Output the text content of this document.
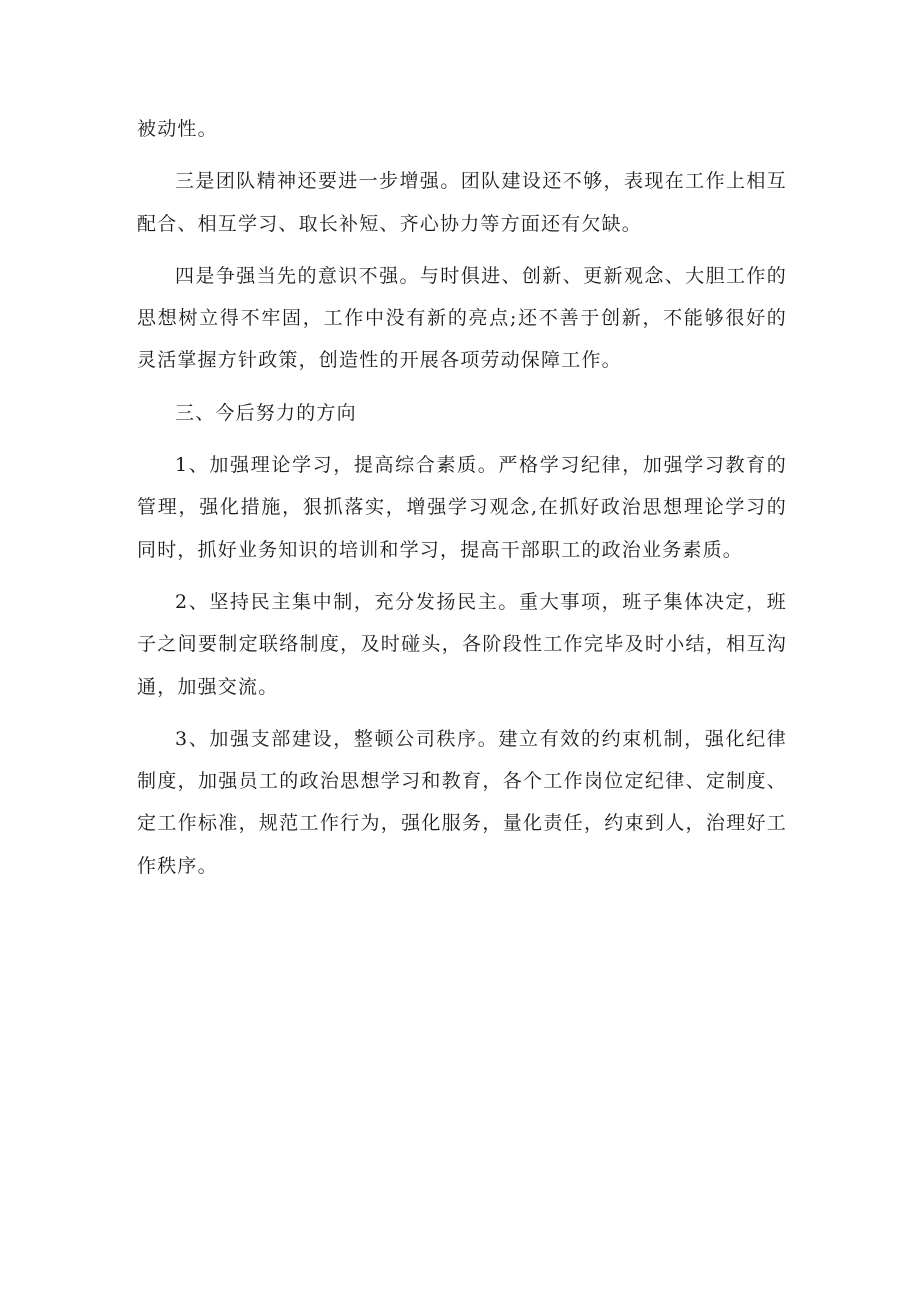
被动性。

三是团队精神还要进一步增强。团队建设还不够，表现在工作上相互配合、相互学习、取长补短、齐心协力等方面还有欠缺。

四是争强当先的意识不强。与时俱进、创新、更新观念、大胆工作的思想树立得不牢固，工作中没有新的亮点;还不善于创新，不能够很好的灵活掌握方针政策，创造性的开展各项劳动保障工作。

三、今后努力的方向

1、加强理论学习，提高综合素质。严格学习纪律，加强学习教育的管理，强化措施，狠抓落实，增强学习观念,在抓好政治思想理论学习的同时，抓好业务知识的培训和学习，提高干部职工的政治业务素质。

2、坚持民主集中制，充分发扬民主。重大事项，班子集体决定，班子之间要制定联络制度，及时碰头，各阶段性工作完毕及时小结，相互沟通，加强交流。

3、加强支部建设，整顿公司秩序。建立有效的约束机制，强化纪律制度，加强员工的政治思想学习和教育，各个工作岗位定纪律、定制度、定工作标准，规范工作行为，强化服务，量化责任，约束到人，治理好工作秩序。
